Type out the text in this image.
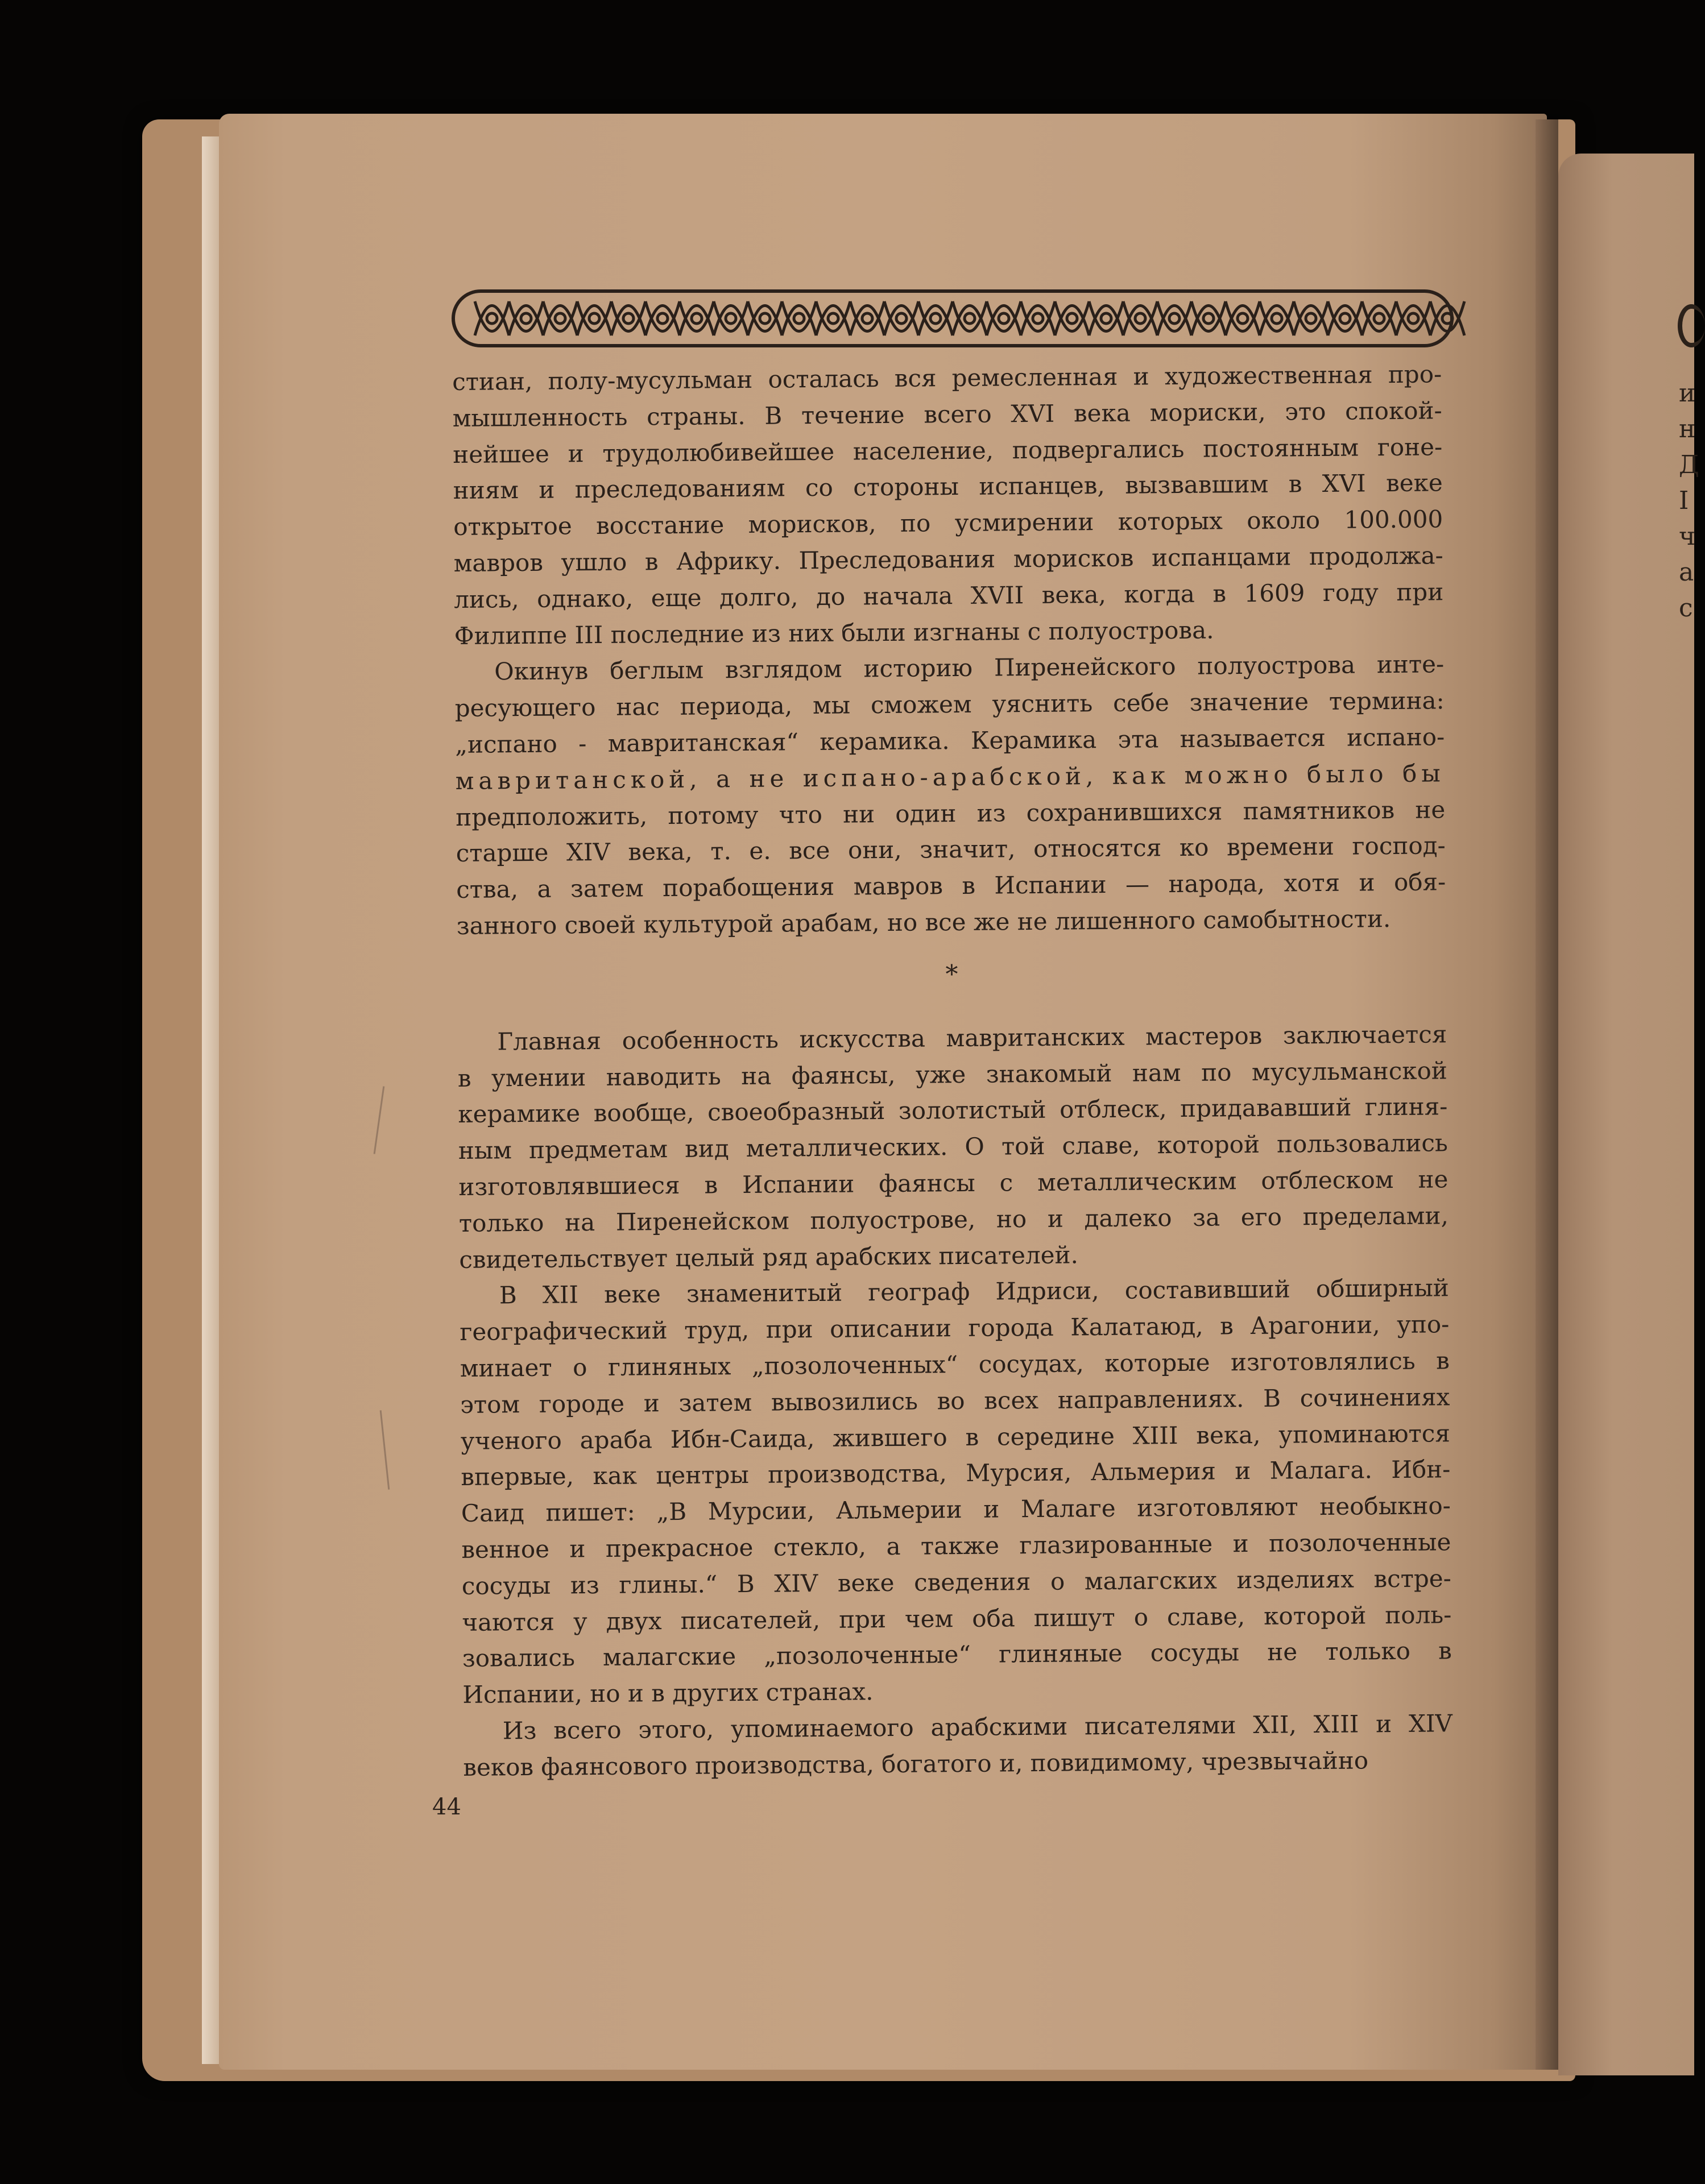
и
н
Д
I
ч
а
с

стиан, полу-мусульман осталась вся ремесленная и художественная про-

мышленность страны. В течение всего XVI века мориски, это спокой-

нейшее и трудолюбивейшее население, подвергались постоянным гоне-

ниям и преследованиям со стороны испанцев, вызвавшим в XVI веке

открытое восстание морисков, по усмирении которых около 100.000

мавров ушло в Африку. Преследования морисков испанцами продолжа-

лись, однако, еще долго, до начала XVII века, когда в 1609 году при

Филиппе III последние из них были изгнаны с полуострова.

Окинув беглым взглядом историю Пиренейского полуострова инте-

ресующего нас периода, мы сможем уяснить себе значение термина:

„испано - мавританская“ керамика. Керамика эта называется испано-

мавританской, а не испано-арабской, как можно было бы

предположить, потому что ни один из сохранившихся памятников не

старше XIV века, т. е. все они, значит, относятся ко времени господ-

ства, а затем порабощения мавров в Испании — народа, хотя и обя-

занного своей культурой арабам, но все же не лишенного самобытности.

*

Главная особенность искусства мавританских мастеров заключается

в умении наводить на фаянсы, уже знакомый нам по мусульманской

керамике вообще, своеобразный золотистый отблеск, придававший глиня-

ным предметам вид металлических. О той славе, которой пользовались

изготовлявшиеся в Испании фаянсы с металлическим отблеском не

только на Пиренейском полуострове, но и далеко за его пределами,

свидетельствует целый ряд арабских писателей.

В XII веке знаменитый географ Идриси, составивший обширный

географический труд, при описании города Калатаюд, в Арагонии, упо-

минает о глиняных „позолоченных“ сосудах, которые изготовлялись в

этом городе и затем вывозились во всех направлениях. В сочинениях

ученого араба Ибн-Саида, жившего в середине XIII века, упоминаются

впервые, как центры производства, Мурсия, Альмерия и Малага. Ибн-

Саид пишет: „В Мурсии, Альмерии и Малаге изготовляют необыкно-

венное и прекрасное стекло, а также глазированные и позолоченные

сосуды из глины.“ В XIV веке сведения о малагских изделиях встре-

чаются у двух писателей, при чем оба пишут о славе, которой поль-

зовались малагские „позолоченные“ глиняные сосуды не только в

Испании, но и в других странах.

Из всего этого, упоминаемого арабскими писателями XII, XIII и XIV

веков фаянсового производства, богатого и, повидимому, чрезвычайно

44
